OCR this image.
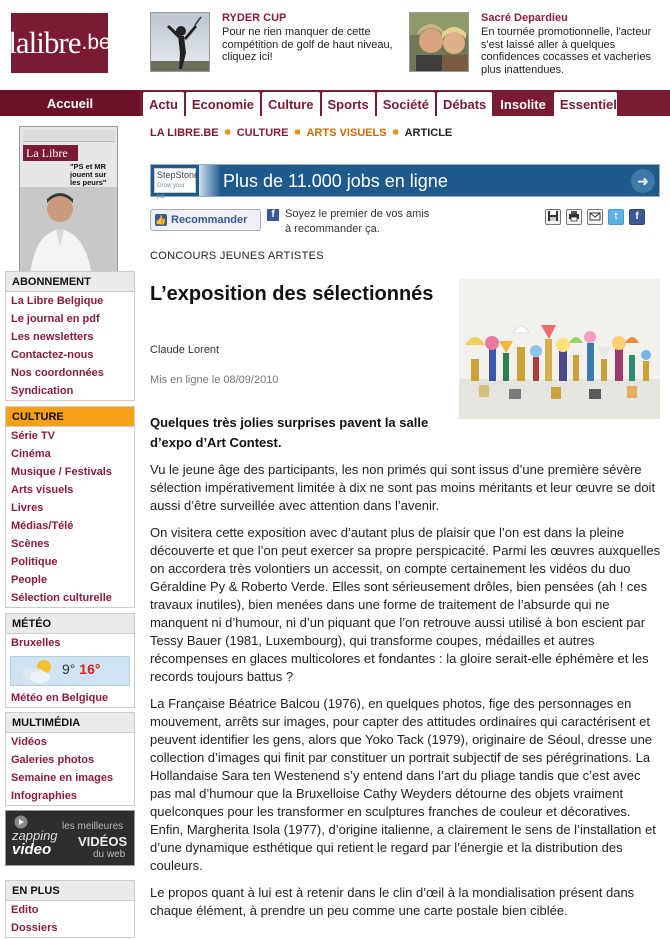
lalibre .be
RYDER CUP
Pour ne rien manquer de cette compétition de golf de haut niveau, cliquez ici!
Sacré Depardieu
En tournée promotionnelle, l'acteur s'est laissé aller à quelques confidences cocasses et vacheries plus inattendues.
Accueil	Actu	Economie	Culture	Sports	Société	Débats	Insolite	Essentiel
La Libre
"PS et MR jouent sur les peurs"
ABONNEMENT
La Libre Belgique
Le journal en pdf
Les newsletters
Contactez-nous
Nos coordonnées
Syndication
CULTURE
Série TV
Cinéma
Musique / Festivals
Arts visuels
Livres
Médias/Télé
Scènes
Politique
People
Sélection culturelle
MÉTÉO
Bruxelles
9° 16°
Météo en Belgique
MULTIMÉDIA
Vidéos
Galeries photos
Semaine en images
Infographies
zapping
video
les meilleures
VIDÉOS
du web
EN PLUS
Edito
Dossiers
LA LIBRE.BE ■ CULTURE ■ ARTS VISUELS ■ ARTICLE
StepStone
Grow your job
Plus de 11.000 jobs en ligne	➜
👍 Recommander	f Soyez le premier de vos amis à recommander ça.
t	f
CONCOURS JEUNES ARTISTES
L’exposition des sélectionnés
Claude Lorent
Mis en ligne le 08/09/2010

Quelques très jolies surprises pavent la salle d’expo d’Art Contest.

Vu le jeune âge des participants, les non primés qui sont issus d’une première sévère sélection impérativement limitée à dix ne sont pas moins méritants et leur œuvre se doit aussi d’être surveillée avec attention dans l’avenir.

On visitera cette exposition avec d’autant plus de plaisir que l’on est dans la pleine découverte et que l’on peut exercer sa propre perspicacité. Parmi les œuvres auxquelles on accordera très volontiers un accessit, on compte certainement les vidéos du duo Géraldine Py & Roberto Verde. Elles sont sérieusement drôles, bien pensées (ah ! ces travaux inutiles), bien menées dans une forme de traitement de l’absurde qui ne manquent ni d’humour, ni d’un piquant que l’on retrouve aussi utilisé à bon escient par Tessy Bauer (1981, Luxembourg), qui transforme coupes, médailles et autres récompenses en glaces multicolores et fondantes : la gloire serait-elle éphémère et les records toujours battus ?

La Française Béatrice Balcou (1976), en quelques photos, fige des personnages en mouvement, arrêts sur images, pour capter des attitudes ordinaires qui caractérisent et peuvent identifier les gens, alors que Yoko Tack (1979), originaire de Séoul, dresse une collection d’images qui finit par constituer un portrait subjectif de ses pérégrinations. La Hollandaise Sara ten Westenend s’y entend dans l’art du pliage tandis que c’est avec pas mal d’humour que la Bruxelloise Cathy Weyders détourne des objets vraiment quelconques pour les transformer en sculptures franches de couleur et décoratives. Enfin, Margherita Isola (1977), d’origine italienne, a clairement le sens de l’installation et d’une dynamique esthétique qui retient le regard par l’énergie et la distribution des couleurs.

Le propos quant à lui est à retenir dans le clin d’œil à la mondialisation présent dans chaque élément, à prendre un peu comme une carte postale bien ciblée.
